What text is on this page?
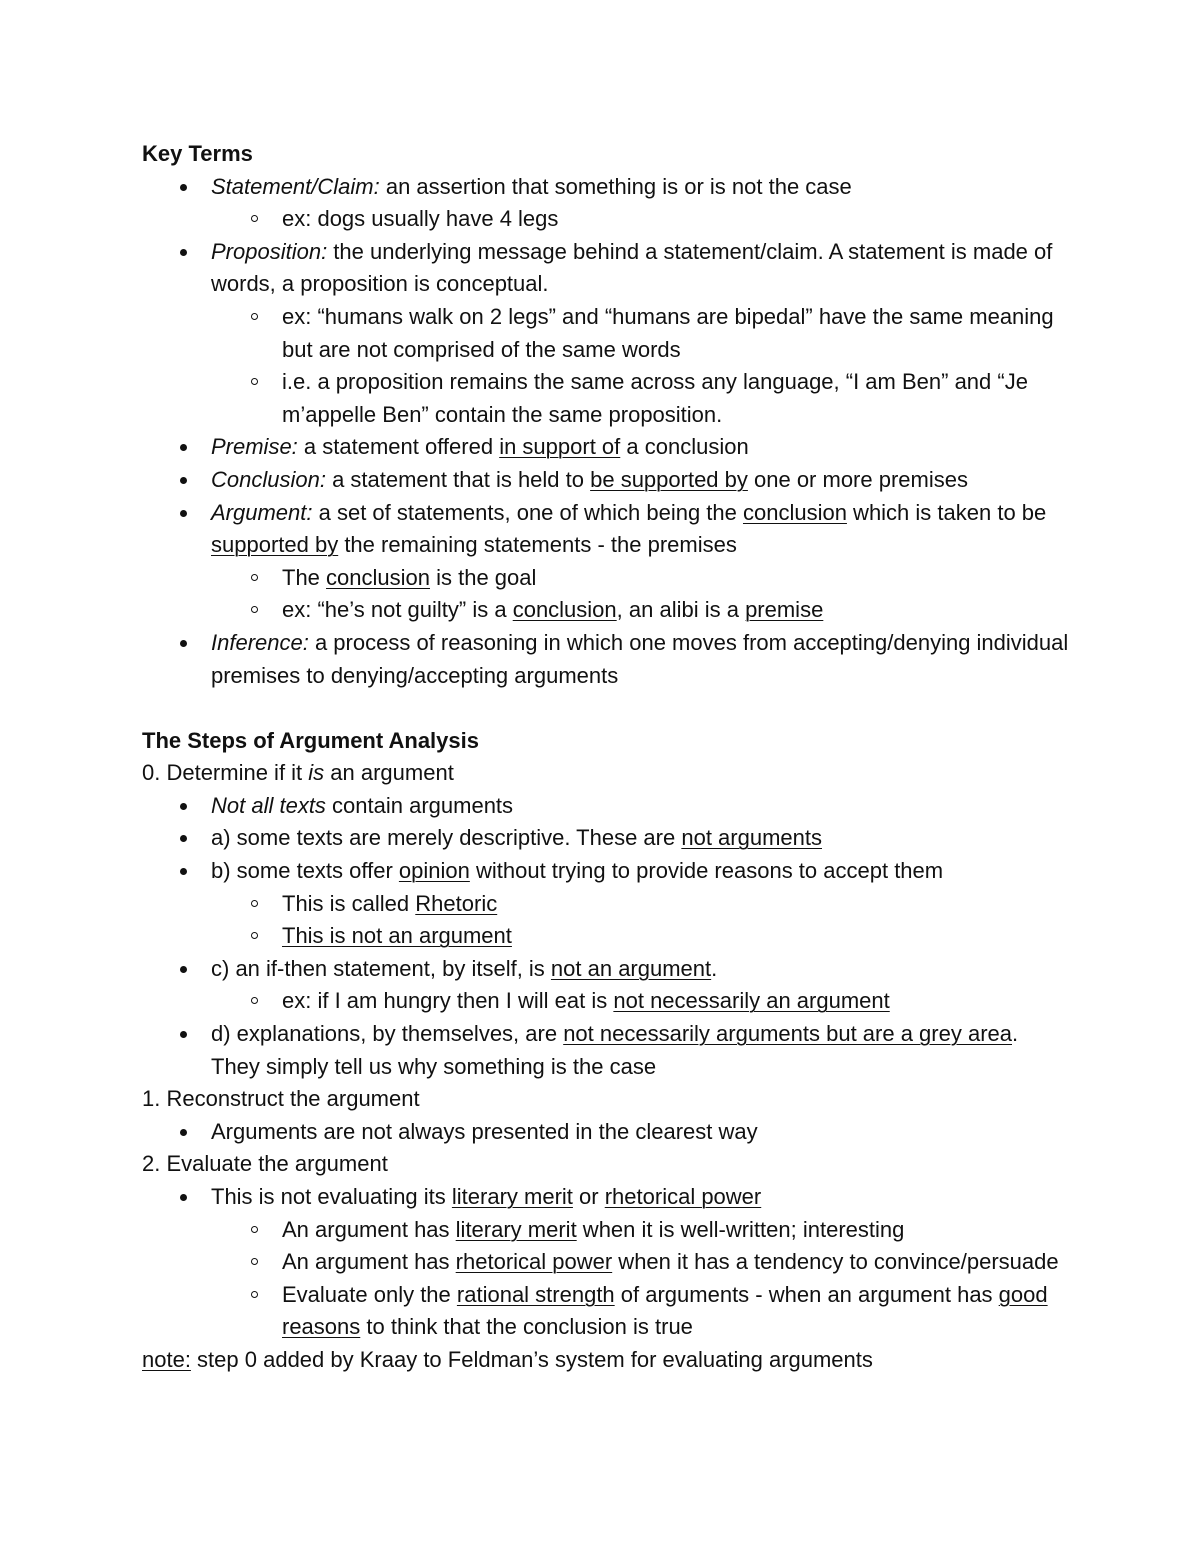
Key Terms
Statement/Claim: an assertion that something is or is not the case
ex: dogs usually have 4 legs
Proposition: the underlying message behind a statement/claim. A statement is made of words, a proposition is conceptual.
ex: “humans walk on 2 legs” and “humans are bipedal” have the same meaning but are not comprised of the same words
i.e. a proposition remains the same across any language, “I am Ben” and “Je m’appelle Ben” contain the same proposition.
Premise: a statement offered in support of a conclusion
Conclusion: a statement that is held to be supported by one or more premises
Argument: a set of statements, one of which being the conclusion which is taken to be supported by the remaining statements - the premises
The conclusion is the goal
ex: “he’s not guilty” is a conclusion, an alibi is a premise
Inference: a process of reasoning in which one moves from accepting/denying individual premises to denying/accepting arguments
The Steps of Argument Analysis
0. Determine if it is an argument
Not all texts contain arguments
a) some texts are merely descriptive. These are not arguments
b) some texts offer opinion without trying to provide reasons to accept them
This is called Rhetoric
This is not an argument
c) an if-then statement, by itself, is not an argument.
ex: if I am hungry then I will eat is not necessarily an argument
d) explanations, by themselves, are not necessarily arguments but are a grey area. They simply tell us why something is the case
1. Reconstruct the argument
Arguments are not always presented in the clearest way
2. Evaluate the argument
This is not evaluating its literary merit or rhetorical power
An argument has literary merit when it is well-written; interesting
An argument has rhetorical power when it has a tendency to convince/persuade
Evaluate only the rational strength of arguments - when an argument has good reasons to think that the conclusion is true
note: step 0 added by Kraay to Feldman’s system for evaluating arguments
